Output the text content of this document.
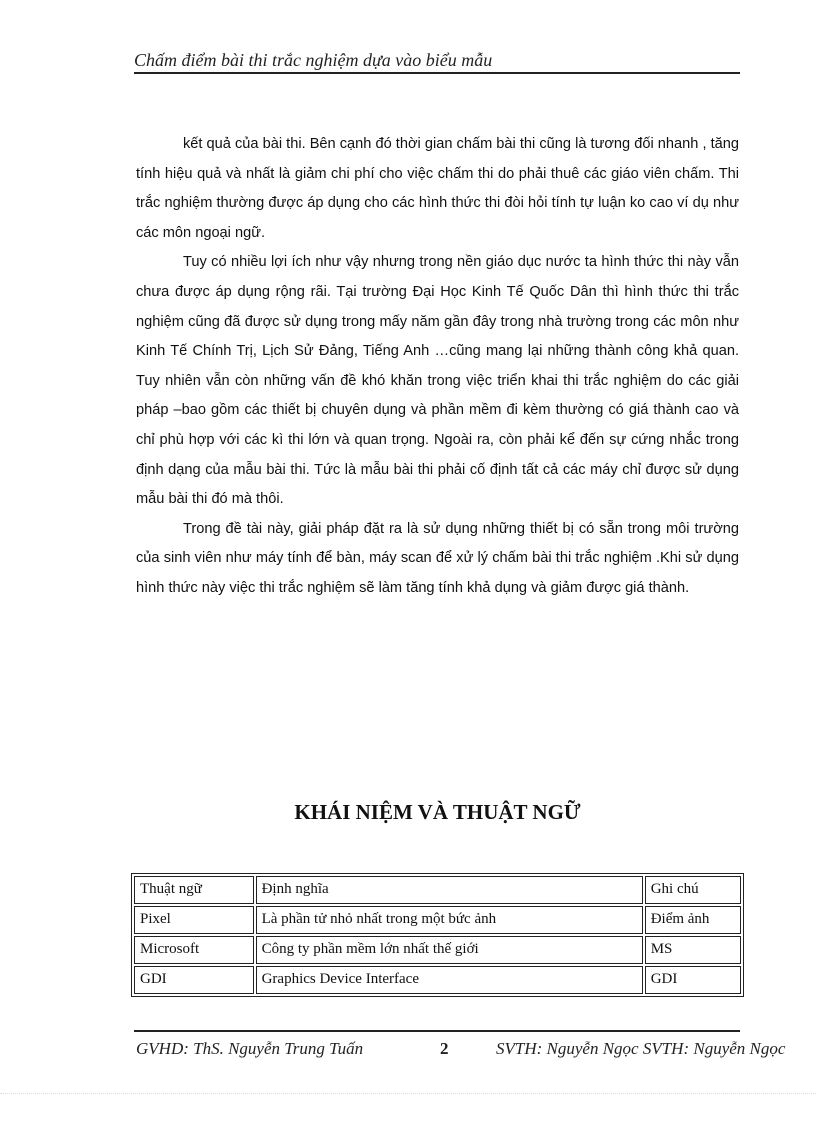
Chấm điểm bài thi trắc nghiệm dựa vào biểu mẫu

kết quả của bài thi. Bên cạnh đó thời gian chấm bài thi cũng là tương đối nhanh , tăng tính hiệu quả và nhất là giảm chi phí cho việc chấm thi do phải thuê các giáo viên chấm. Thi trắc nghiệm thường được áp dụng cho các hình thức thi đòi hỏi tính tự luận ko cao ví dụ như các môn ngoại ngữ.

Tuy có nhiều lợi ích như vậy nhưng trong nền giáo dục nước ta hình thức thi này vẫn chưa được áp dụng rộng rãi. Tại trường Đại Học Kinh Tế Quốc Dân thì hình thức thi trắc nghiệm cũng đã được sử dụng trong mấy năm gần đây trong nhà trường trong các môn như Kinh Tế Chính Trị, Lịch Sử Đảng, Tiếng Anh …cũng mang lại những thành công khả quan. Tuy nhiên vẫn còn những vấn đề khó khăn trong việc triển khai thi trắc nghiệm do các giải pháp –bao gồm các thiết bị chuyên dụng và phần mềm đi kèm thường có giá thành cao và chỉ phù hợp với các kì thi lớn và quan trọng. Ngoài ra, còn phải kể đến sự cứng nhắc trong định dạng của mẫu bài thi. Tức là mẫu bài thi phải cố định tất cả các máy chỉ được sử dụng mẫu bài thi đó mà thôi.

Trong đề tài này, giải pháp đặt ra là sử dụng những thiết bị có sẵn trong môi trường của sinh viên như máy tính để bàn, máy scan để xử lý chấm bài thi trắc nghiệm .Khi sử dụng hình thức này việc thi trắc nghiệm sẽ làm tăng tính khả dụng và giảm được giá thành.

KHÁI NIỆM VÀ THUẬT NGỮ
Thuật ngữ	Định nghĩa	Ghi chú
Pixel	Là phần tử nhỏ nhất trong một bức ảnh	Điểm ảnh
Microsoft	Công ty phần mềm lớn nhất thế giới	MS
GDI	Graphics Device Interface	GDI
GVHD: ThS. Nguyễn Trung Tuấn	2	SVTH: Nguyễn Ngọc SVTH: Nguyễn Ngọc
